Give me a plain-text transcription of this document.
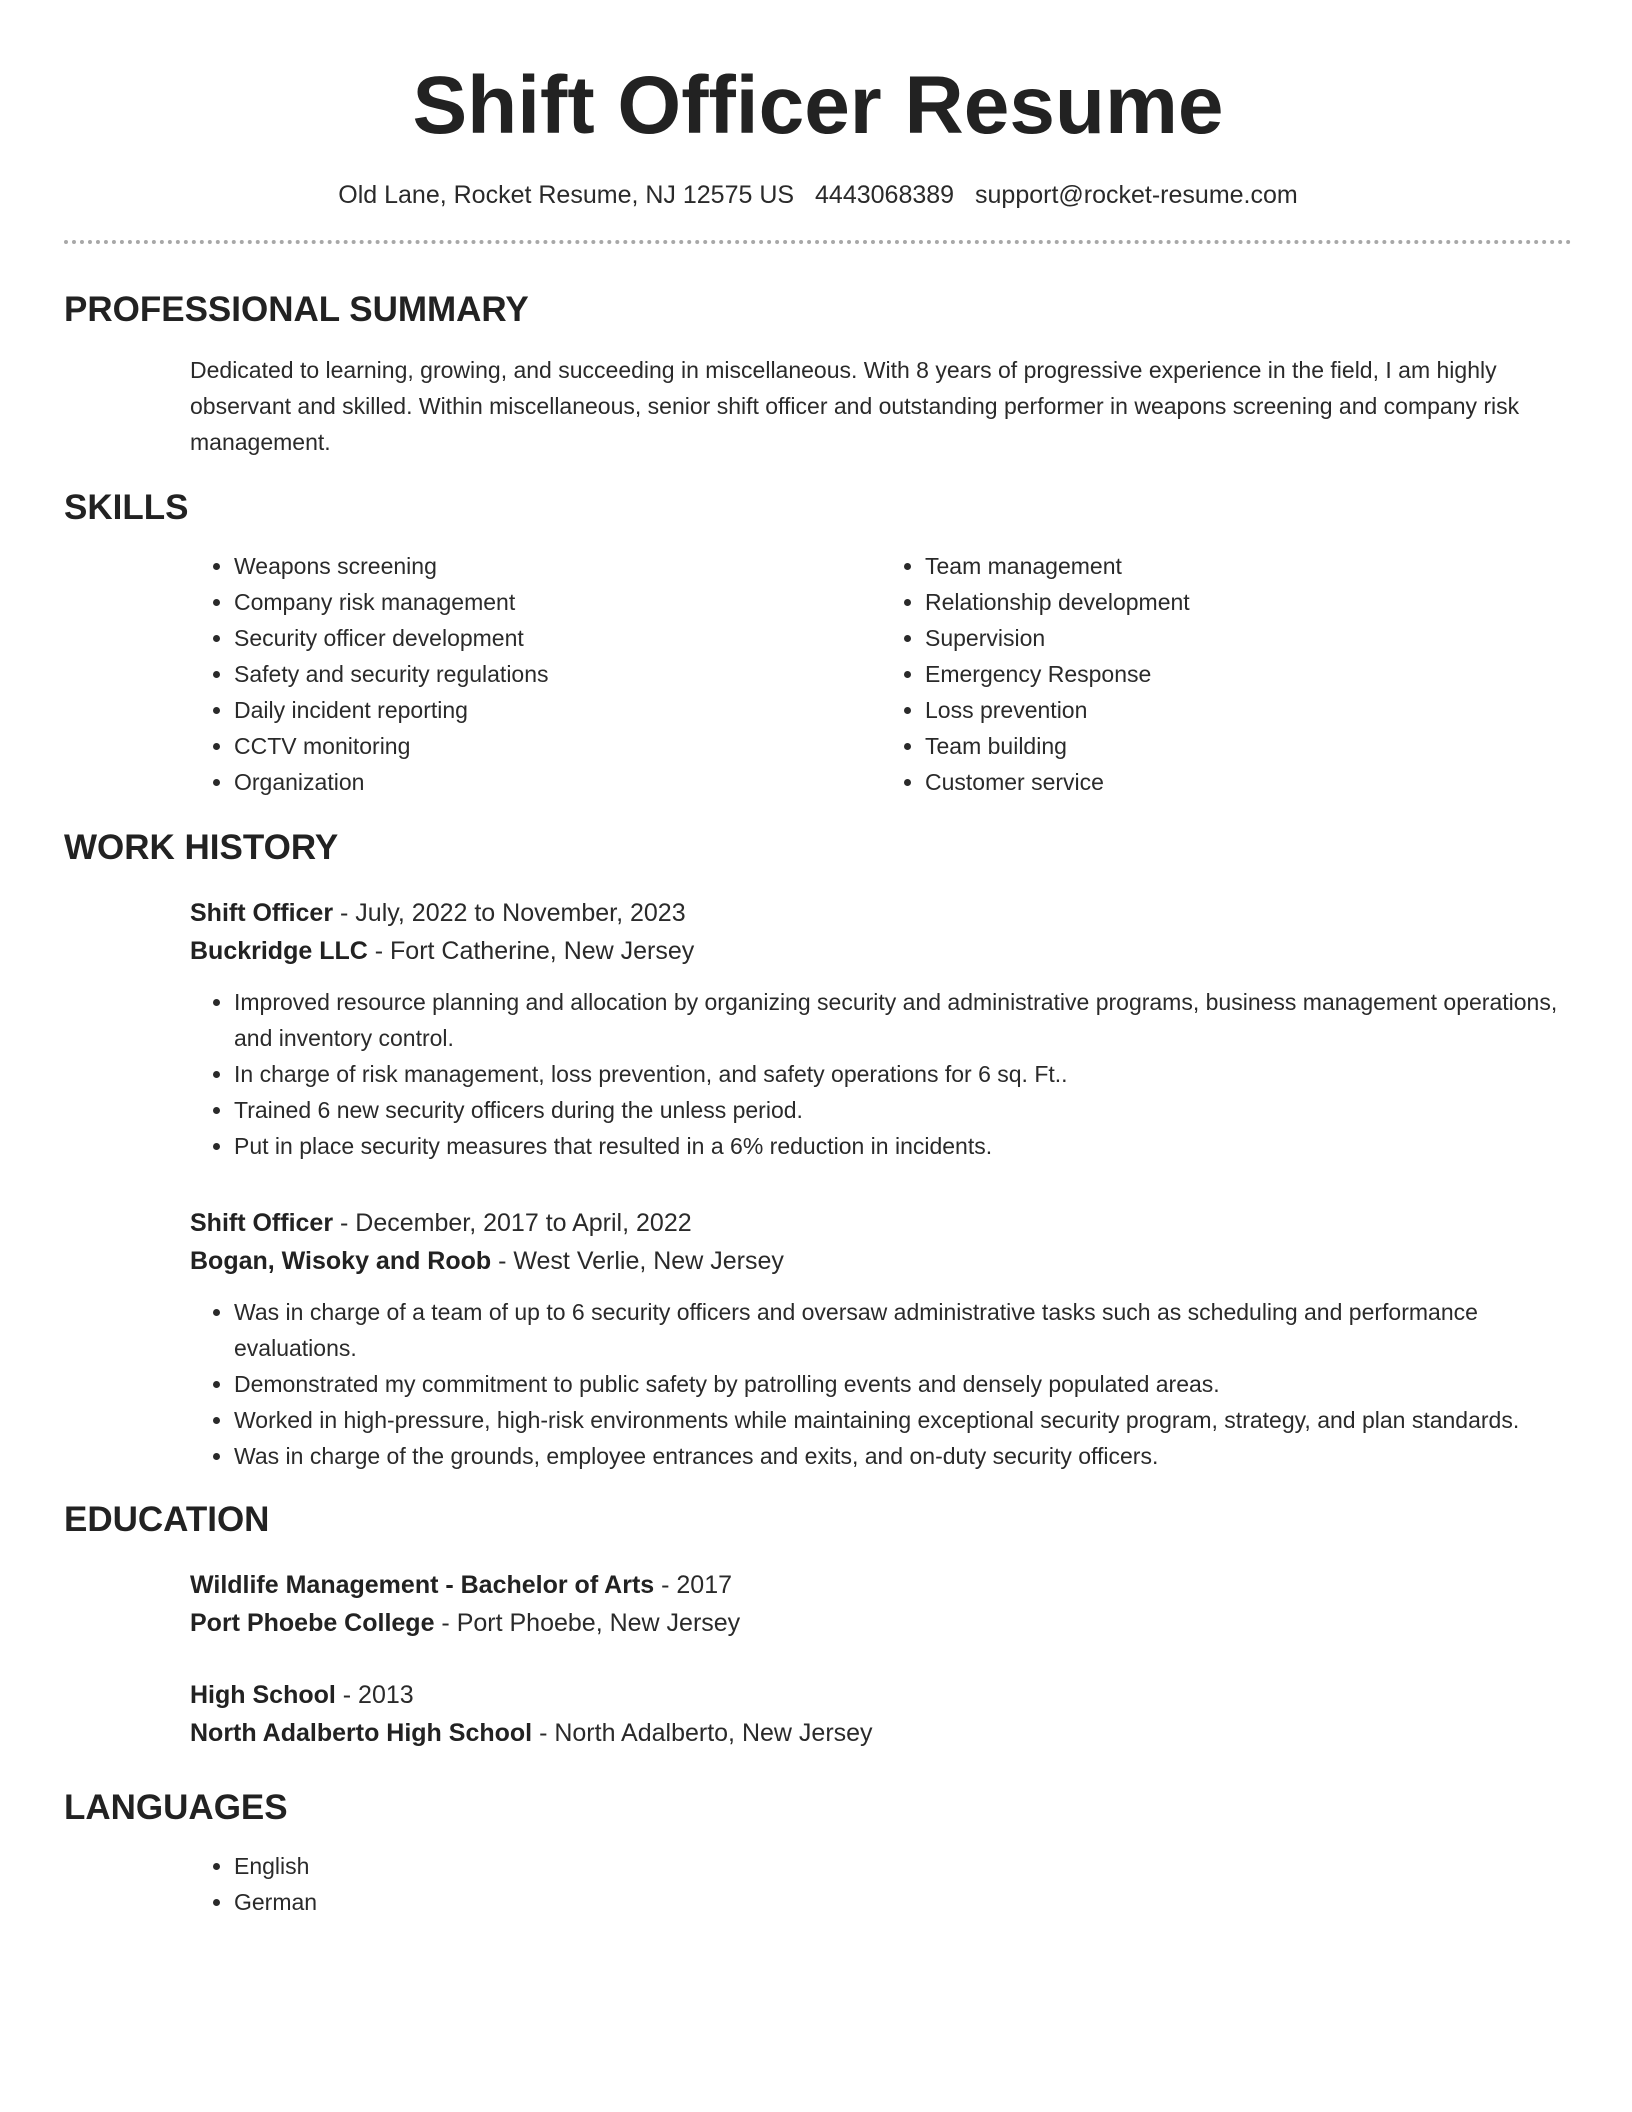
Shift Officer Resume
Old Lane, Rocket Resume, NJ 12575 US 4443068389 support@rocket-resume.com
PROFESSIONAL SUMMARY
Dedicated to learning, growing, and succeeding in miscellaneous. With 8 years of progressive experience in the field, I am highly observant and skilled. Within miscellaneous, senior shift officer and outstanding performer in weapons screening and company risk management.
SKILLS
• Weapons screening
• Company risk management
• Security officer development
• Safety and security regulations
• Daily incident reporting
• CCTV monitoring
• Organization
• Team management
• Relationship development
• Supervision
• Emergency Response
• Loss prevention
• Team building
• Customer service
WORK HISTORY
Shift Officer - July, 2022 to November, 2023
Buckridge LLC - Fort Catherine, New Jersey
• Improved resource planning and allocation by organizing security and administrative programs, business management operations, and inventory control.
• In charge of risk management, loss prevention, and safety operations for 6 sq. Ft..
• Trained 6 new security officers during the unless period.
• Put in place security measures that resulted in a 6% reduction in incidents.
Shift Officer - December, 2017 to April, 2022
Bogan, Wisoky and Roob - West Verlie, New Jersey
• Was in charge of a team of up to 6 security officers and oversaw administrative tasks such as scheduling and performance evaluations.
• Demonstrated my commitment to public safety by patrolling events and densely populated areas.
• Worked in high-pressure, high-risk environments while maintaining exceptional security program, strategy, and plan standards.
• Was in charge of the grounds, employee entrances and exits, and on-duty security officers.
EDUCATION
Wildlife Management - Bachelor of Arts - 2017
Port Phoebe College - Port Phoebe, New Jersey
High School - 2013
North Adalberto High School - North Adalberto, New Jersey
LANGUAGES
• English
• German
